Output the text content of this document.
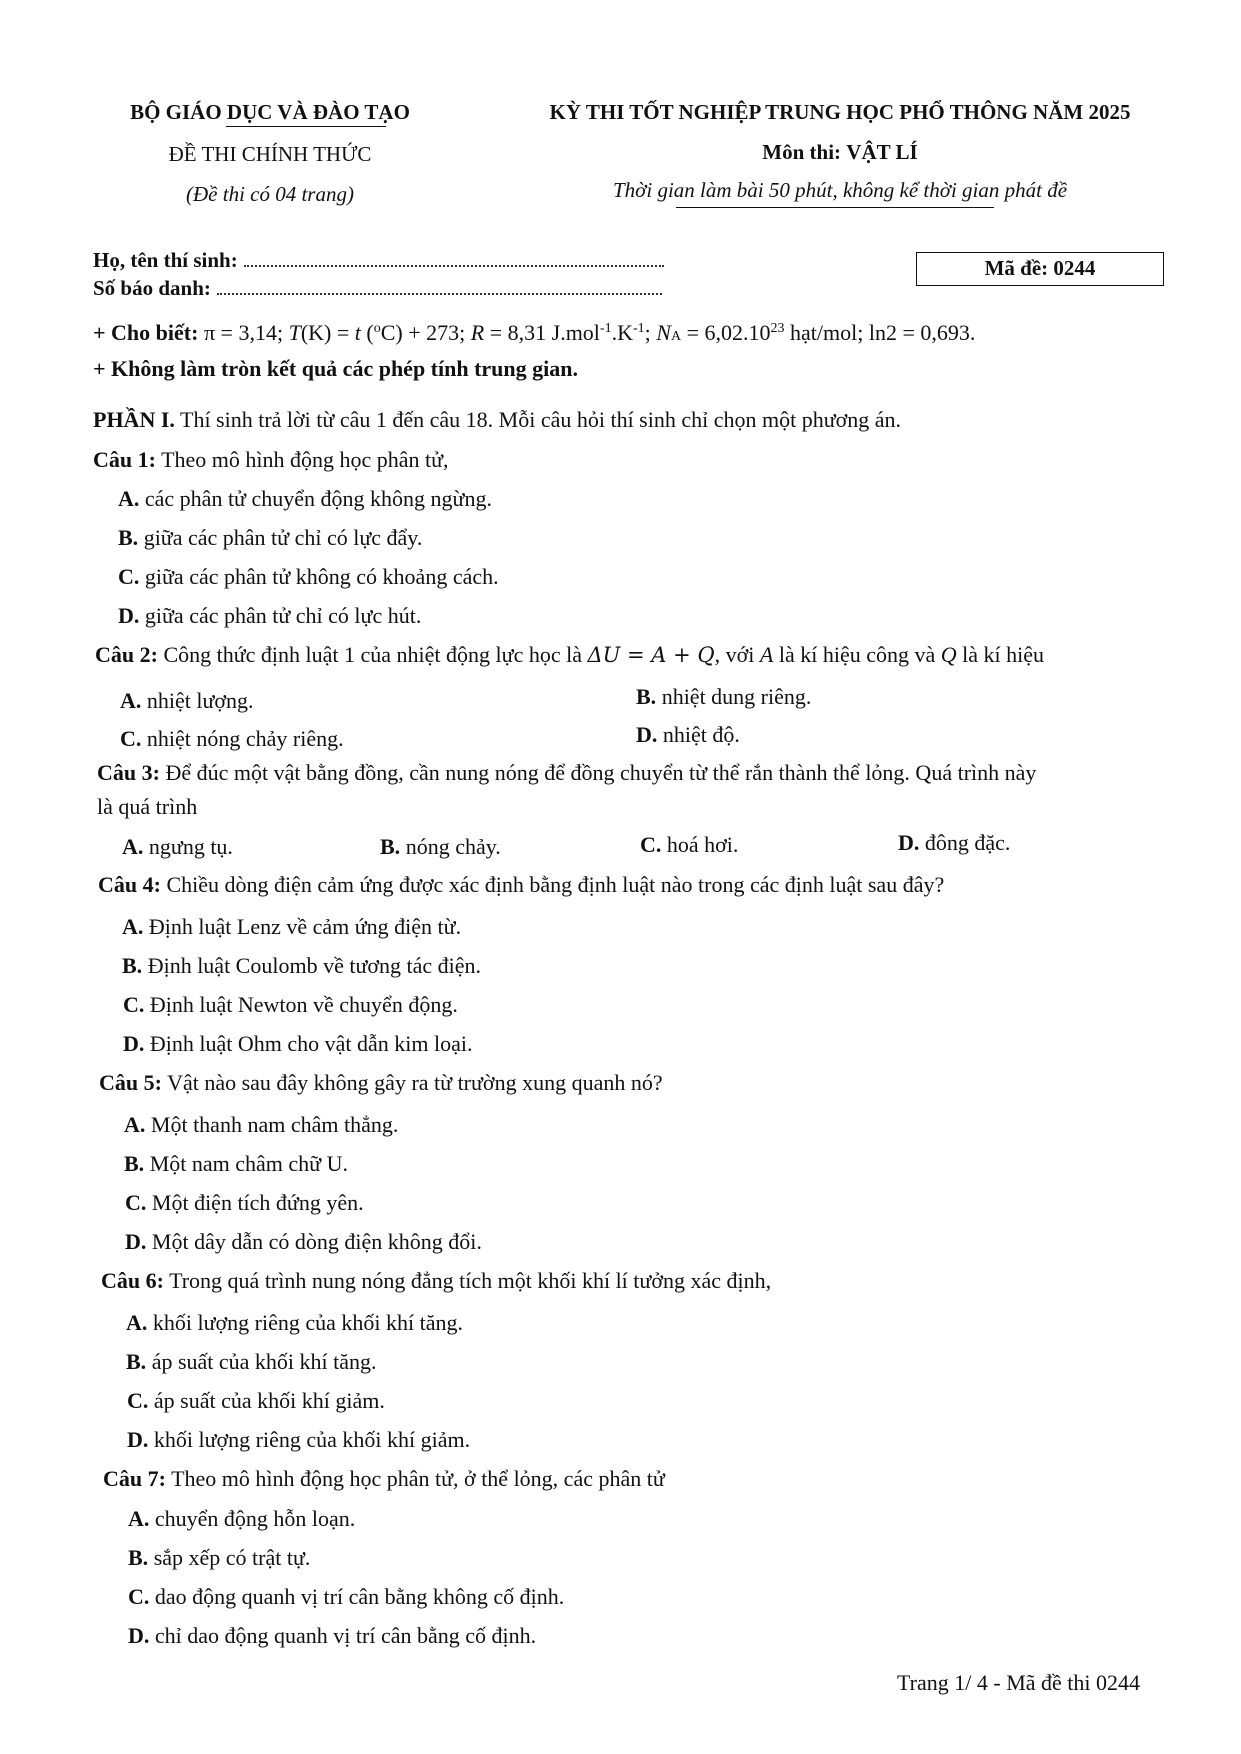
BỘ GIÁO DỤC VÀ ĐÀO TẠO
ĐỀ THI CHÍNH THỨC
(Đề thi có 04 trang)
KỲ THI TỐT NGHIỆP TRUNG HỌC PHỔ THÔNG NĂM 2025
Môn thi: VẬT LÍ
Thời gian làm bài 50 phút, không kể thời gian phát đề
Họ, tên thí sinh:
Số báo danh:
Mã đề: 0244
+ Cho biết: π = 3,14; T(K) = t ($^o$C) + 273; R = 8,31 $J.mol^{-1}.K^{-1}$; NA = $6,02.10^{23}$ hạt/mol; ln2 = 0,693.
+ Không làm tròn kết quả các phép tính trung gian.
PHẦN I. Thí sinh trả lời từ câu 1 đến câu 18. Mỗi câu hỏi thí sinh chỉ chọn một phương án.
Câu 1: Theo mô hình động học phân tử,
A. các phân tử chuyển động không ngừng.
B. giữa các phân tử chỉ có lực đẩy.
C. giữa các phân tử không có khoảng cách.
D. giữa các phân tử chỉ có lực hút.
Câu 2: Công thức định luật 1 của nhiệt động lực học là ΔU = A + Q, với A là kí hiệu công và Q là kí hiệu
A. nhiệt lượng.	B. nhiệt dung riêng.
C. nhiệt nóng chảy riêng.	D. nhiệt độ.
Câu 3: Để đúc một vật bằng đồng, cần nung nóng để đồng chuyển từ thể rắn thành thể lỏng. Quá trình này
là quá trình
A. ngưng tụ.	B. nóng chảy.	C. hoá hơi.	D. đông đặc.
Câu 4: Chiều dòng điện cảm ứng được xác định bằng định luật nào trong các định luật sau đây?
A. Định luật Lenz về cảm ứng điện từ.
B. Định luật Coulomb về tương tác điện.
C. Định luật Newton về chuyển động.
D. Định luật Ohm cho vật dẫn kim loại.
Câu 5: Vật nào sau đây không gây ra từ trường xung quanh nó?
A. Một thanh nam châm thẳng.
B. Một nam châm chữ U.
C. Một điện tích đứng yên.
D. Một dây dẫn có dòng điện không đổi.
Câu 6: Trong quá trình nung nóng đẳng tích một khối khí lí tưởng xác định,
A. khối lượng riêng của khối khí tăng.
B. áp suất của khối khí tăng.
C. áp suất của khối khí giảm.
D. khối lượng riêng của khối khí giảm.
Câu 7: Theo mô hình động học phân tử, ở thể lỏng, các phân tử
A. chuyển động hỗn loạn.
B. sắp xếp có trật tự.
C. dao động quanh vị trí cân bằng không cố định.
D. chỉ dao động quanh vị trí cân bằng cố định.
Trang 1/ 4 - Mã đề thi 0244
